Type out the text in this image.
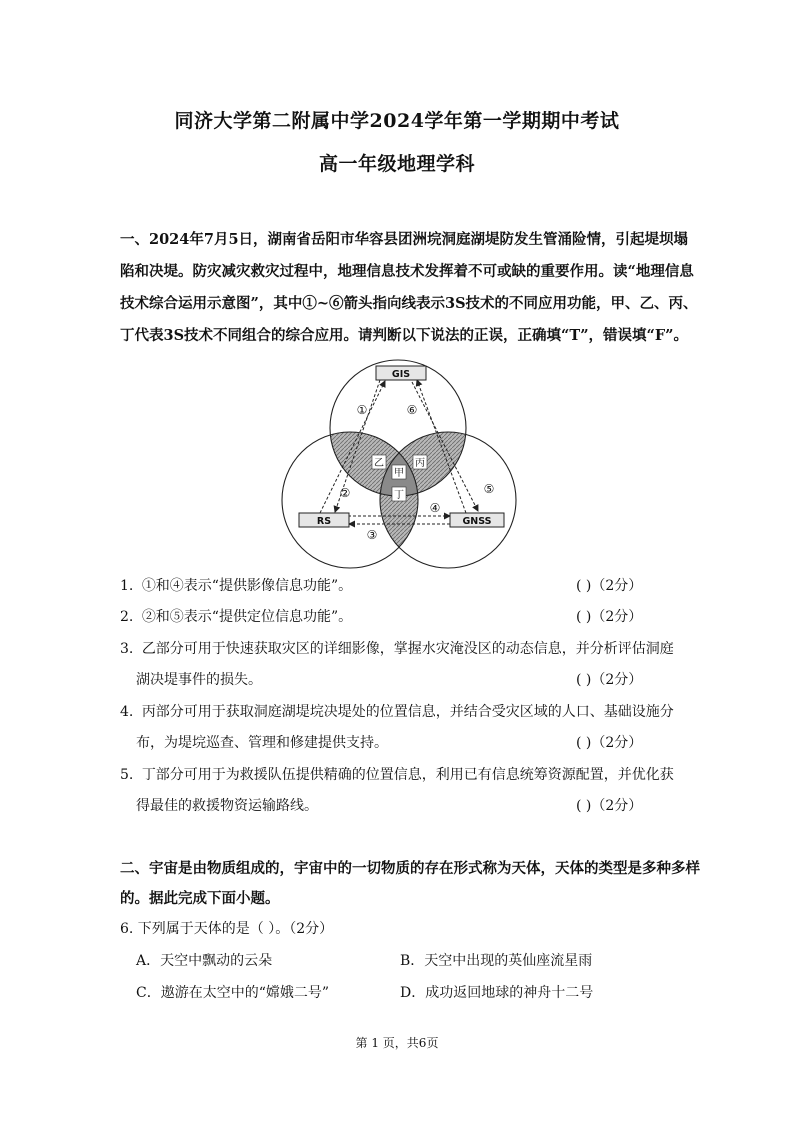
同济大学第二附属中学2024学年第一学期期中考试
高一年级地理学科
一、2024年7月5日，湖南省岳阳市华容县团洲垸洞庭湖堤防发生管涌险情，引起堤坝塌
陷和决堤。防灾减灾救灾过程中，地理信息技术发挥着不可或缺的重要作用。读“地理信息
技术综合运用示意图”，其中①~⑥箭头指向线表示3S技术的不同应用功能，甲、乙、丙、
丁代表3S技术不同组合的综合应用。请判断以下说法的正误，正确填“T”，错误填“F”。
GIS
RS	GNSS
①	⑥
②	⑤
④
③
乙	丙
甲
丁
1. ①和④表示“提供影像信息功能”。	( )（2分）
2. ②和⑤表示“提供定位信息功能”。	( )（2分）
3. 乙部分可用于快速获取灾区的详细影像，掌握水灾淹没区的动态信息，并分析评估洞庭
湖决堤事件的损失。	( )（2分）
4. 丙部分可用于获取洞庭湖堤垸决堤处的位置信息，并结合受灾区域的人口、基础设施分
布，为堤垸巡查、管理和修建提供支持。	( )（2分）
5. 丁部分可用于为救援队伍提供精确的位置信息，利用已有信息统筹资源配置，并优化获
得最佳的救援物资运输路线。	( )（2分）
二、宇宙是由物质组成的，宇宙中的一切物质的存在形式称为天体，天体的类型是多种多样
的。据此完成下面小题。
6. 下列属于天体的是（ ）。（2分）
A．天空中飘动的云朵	B．天空中出现的英仙座流星雨
C．遨游在太空中的“嫦娥二号”	D．成功返回地球的神舟十二号
第 1 页，共6页
